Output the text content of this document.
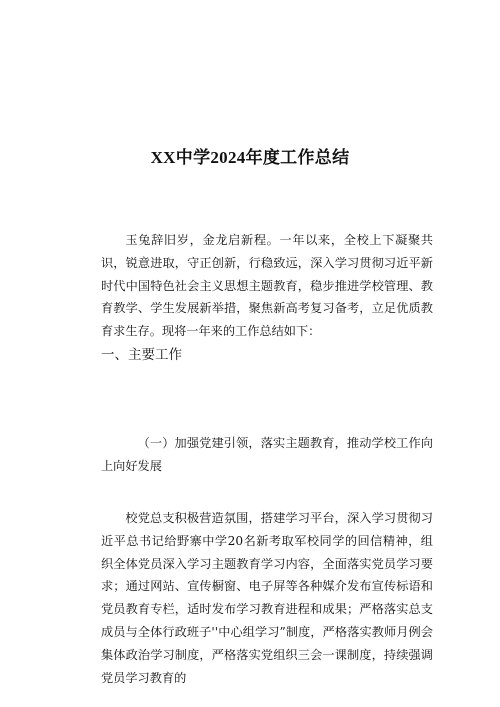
XX中学2024年度工作总结

玉兔辞旧岁，金龙启新程。一年以来，全校上下凝聚共识，锐意进取，守正创新，行稳致远，深入学习贯彻习近平新时代中国特色社会主义思想主题教育，稳步推进学校管理、教育教学、学生发展新举措，聚焦新高考复习备考，立足优质教育求生存。现将一年来的工作总结如下：

一、主要工作

（一）加强党建引领，落实主题教育，推动学校工作向上向好发展

校党总支积极营造氛围，搭建学习平台，深入学习贯彻习近平总书记给野寨中学20名新考取军校同学的回信精神，组织全体党员深入学习主题教育学习内容，全面落实党员学习要求；通过网站、宣传橱窗、电子屏等各种媒介发布宣传标语和党员教育专栏，适时发布学习教育进程和成果；严格落实总支成员与全体行政班子''中心组学习”制度，严格落实教师月例会集体政治学习制度，严格落实党组织三会一课制度，持续强调党员学习教育的
